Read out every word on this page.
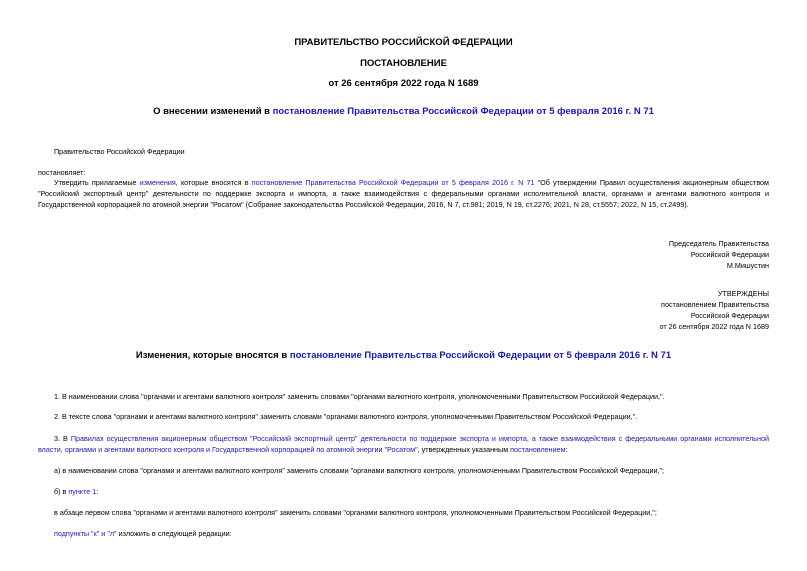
ПРАВИТЕЛЬСТВО РОССИЙСКОЙ ФЕДЕРАЦИИ
ПОСТАНОВЛЕНИЕ
от 26 сентября 2022 года N 1689
О внесении изменений в постановление Правительства Российской Федерации от 5 февраля 2016 г. N 71
Правительство Российской Федерации
постановляет:
Утвердить прилагаемые изменения, которые вносятся в постановление Правительства Российской Федерации от 5 февраля 2016 г. N 71 "Об утверждении Правил осуществления акционерным обществом "Российский экспортный центр" деятельности по поддержке экспорта и импорта, а также взаимодействия с федеральными органами исполнительной власти, органами и агентами валютного контроля и Государственной корпорацией по атомной энергии "Росатом" (Собрание законодательства Российской Федерации, 2016, N 7, ст.981; 2019, N 19, ст.2276; 2021, N 28, ст.5557; 2022, N 15, ст.2499).
Председатель Правительства
Российской Федерации
М.Мишустин
УТВЕРЖДЕНЫ
постановлением Правительства
Российской Федерации
от 26 сентября 2022 года N 1689
Изменения, которые вносятся в постановление Правительства Российской Федерации от 5 февраля 2016 г. N 71
1. В наименовании слова "органами и агентами валютного контроля" заменить словами "органами валютного контроля, уполномоченными Правительством Российской Федерации,".
2. В тексте слова "органами и агентами валютного контроля" заменить словами "органами валютного контроля, уполномоченными Правительством Российской Федерации,".
3. В Правилах осуществления акционерным обществом "Российский экспортный центр" деятельности по поддержке экспорта и импорта, а также взаимодействия с федеральными органами исполнительной власти, органами и агентами валютного контроля и Государственной корпорацией по атомной энергии "Росатом", утвержденных указанным постановлением:
а) в наименовании слова "органами и агентами валютного контроля" заменить словами "органами валютного контроля, уполномоченными Правительством Российской Федерации,";
б) в пункте 1:
в абзаце первом слова "органами и агентами валютного контроля" заменить словами "органами валютного контроля, уполномоченными Правительством Российской Федерации,";
подпункты "к" и "л" изложить в следующей редакции:
